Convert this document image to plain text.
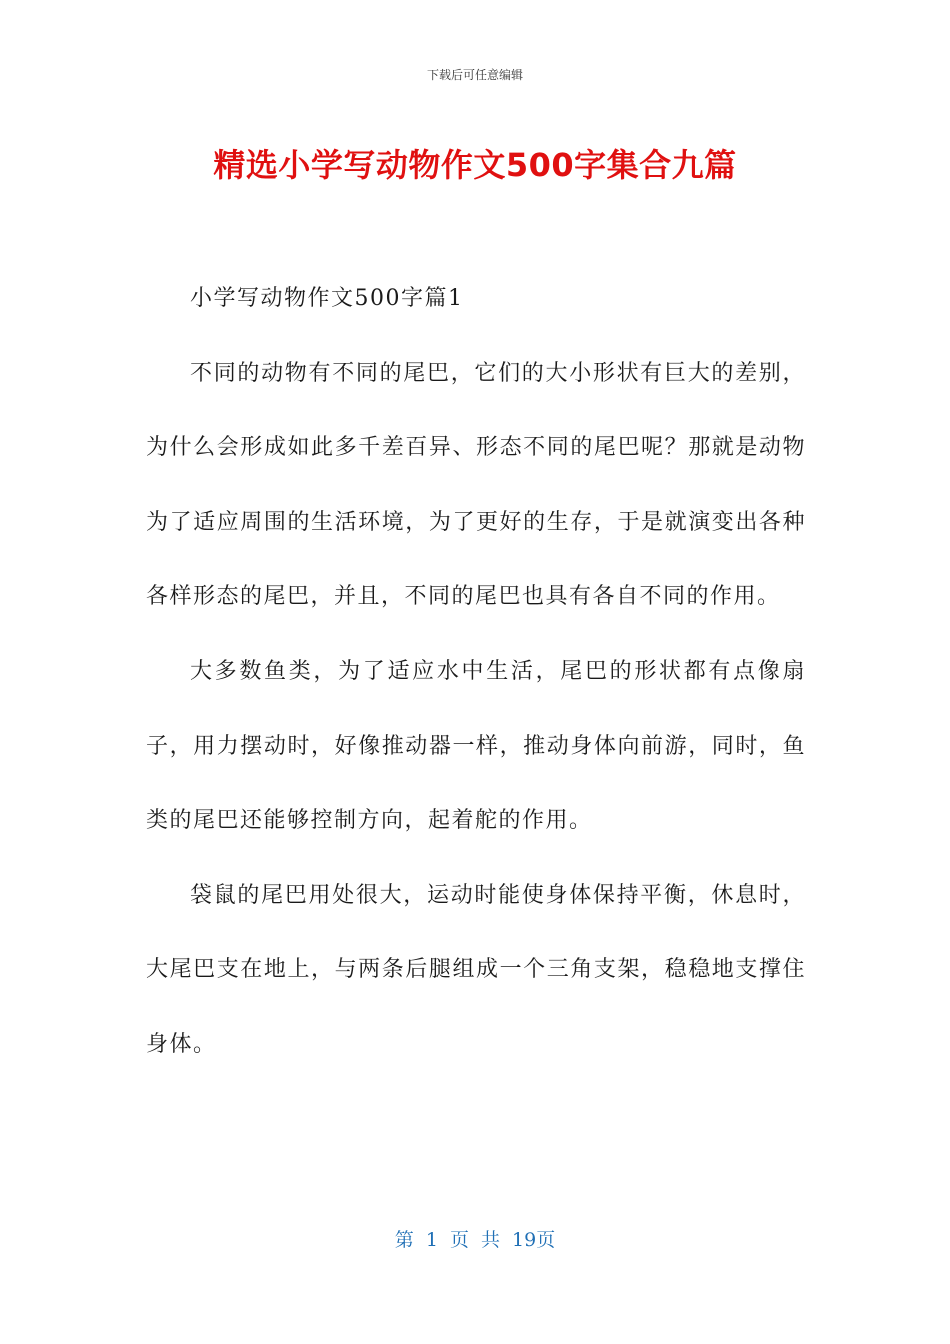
下载后可任意编辑
精选小学写动物作文500字集合九篇

小学写动物作文500字篇1

不同的动物有不同的尾巴，它们的大小形状有巨大的差别，为什么会形成如此多千差百异、形态不同的尾巴呢？那就是动物为了适应周围的生活环境，为了更好的生存，于是就演变出各种各样形态的尾巴，并且，不同的尾巴也具有各自不同的作用。

大多数鱼类，为了适应水中生活，尾巴的形状都有点像扇子，用力摆动时，好像推动器一样，推动身体向前游，同时，鱼类的尾巴还能够控制方向，起着舵的作用。

袋鼠的尾巴用处很大，运动时能使身体保持平衡，休息时，大尾巴支在地上，与两条后腿组成一个三角支架，稳稳地支撑住身体。

第 1 页 共 19页
